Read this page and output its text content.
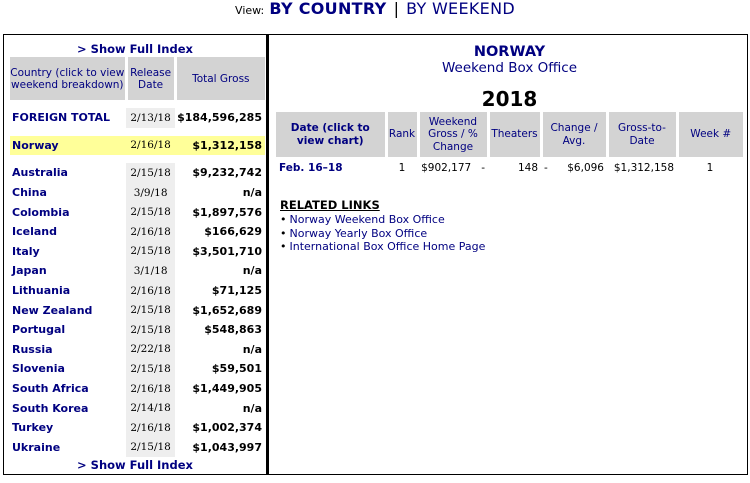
View: BY COUNTRY | BY WEEKEND
> Show Full Index
Country (click to view weekend breakdown)	Release Date	Total Gross

FOREIGN TOTAL	2/13/18	$184,596,285

Norway	2/16/18	$1,312,158

Australia	2/15/18	$9,232,742
China	3/9/18	n/a
Colombia	2/15/18	$1,897,576
Iceland	2/16/18	$166,629
Italy	2/15/18	$3,501,710
Japan	3/1/18	n/a
Lithuania	2/16/18	$71,125
New Zealand	2/15/18	$1,652,689
Portugal	2/15/18	$548,863
Russia	2/22/18	n/a
Slovenia	2/15/18	$59,501
South Africa	2/16/18	$1,449,905
South Korea	2/14/18	n/a
Turkey	2/16/18	$1,002,374
Ukraine	2/15/18	$1,043,997
> Show Full Index
NORWAY
Weekend Box Office
2018
Date (click to view chart)	Rank	Weekend Gross / % Change	Theaters	Change / Avg.	Gross-to-Date	Week #
Feb. 16–18	1	$902,177 -	148	- $6,096	$1,312,158	1
RELATED LINKS
• Norway Weekend Box Office
• Norway Yearly Box Office
• International Box Office Home Page
